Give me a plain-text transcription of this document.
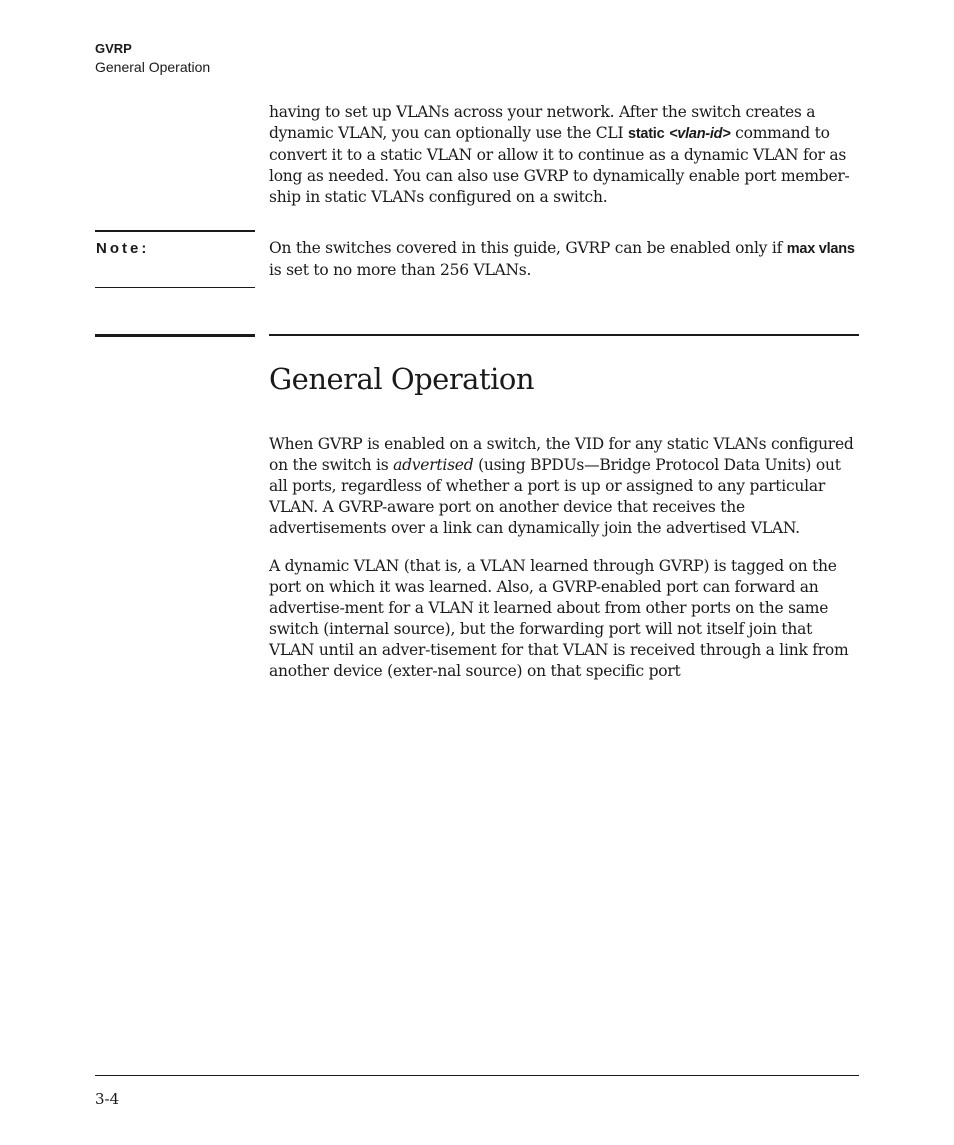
GVRP
General Operation
having to set up VLANs across your network. After the switch creates a dynamic VLAN, you can optionally use the CLI static <vlan-id> command to convert it to a static VLAN or allow it to continue as a dynamic VLAN for as long as needed. You can also use GVRP to dynamically enable port member-ship in static VLANs configured on a switch.
Note:	On the switches covered in this guide, GVRP can be enabled only if max vlans is set to no more than 256 VLANs.
General Operation
When GVRP is enabled on a switch, the VID for any static VLANs configured on the switch is advertised (using BPDUs—Bridge Protocol Data Units) out all ports, regardless of whether a port is up or assigned to any particular VLAN. A GVRP-aware port on another device that receives the advertisements over a link can dynamically join the advertised VLAN.
A dynamic VLAN (that is, a VLAN learned through GVRP) is tagged on the port on which it was learned. Also, a GVRP-enabled port can forward an advertise-ment for a VLAN it learned about from other ports on the same switch (internal source), but the forwarding port will not itself join that VLAN until an adver-tisement for that VLAN is received through a link from another device (exter-nal source) on that specific port
3-4
